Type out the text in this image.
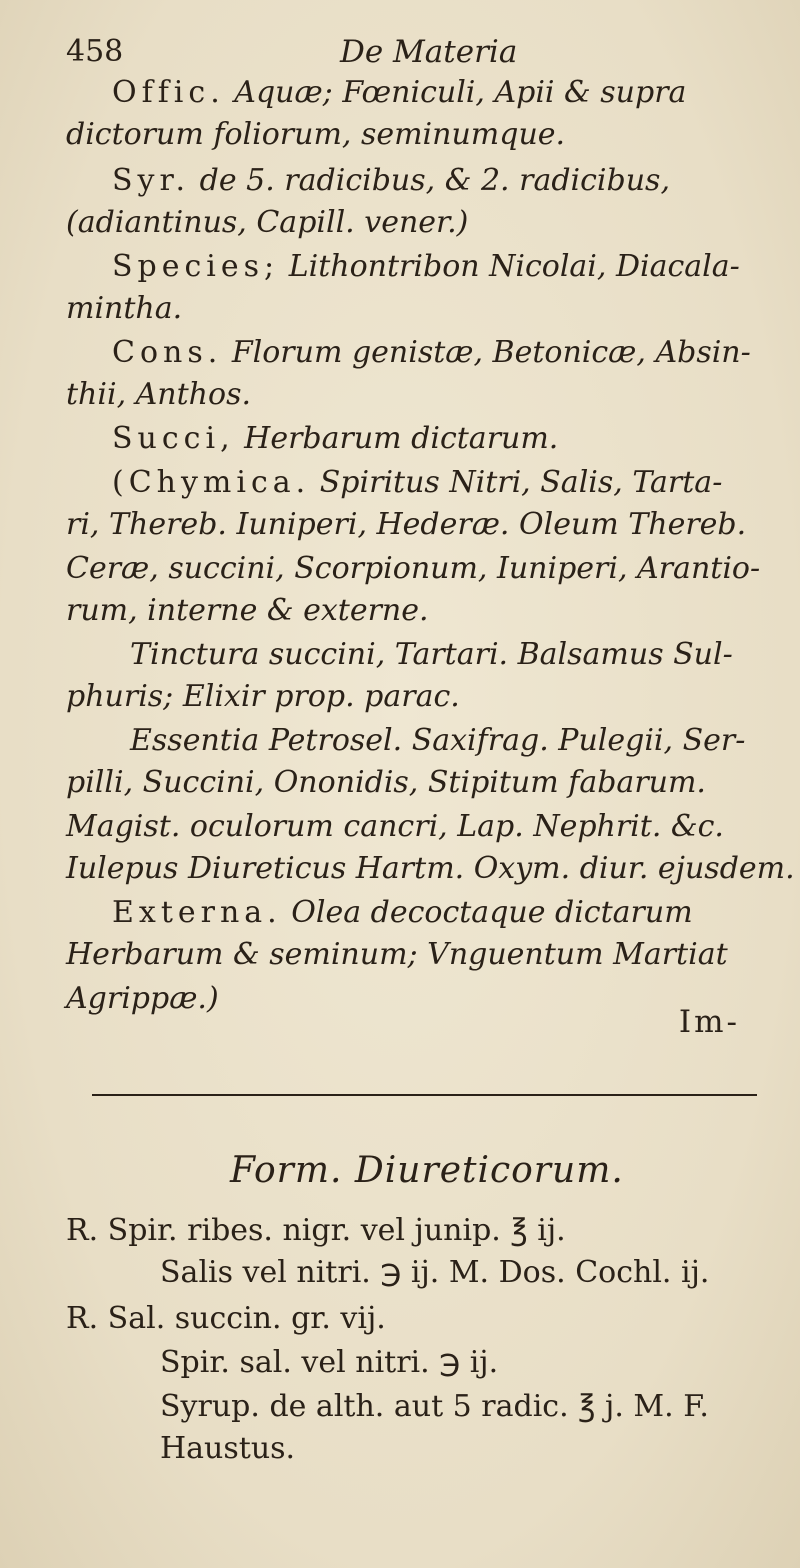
458	De Materia
Offic. Aquæ; Fœniculi, Apii & supra
dictorum foliorum, seminumque.
Syr. de 5. radicibus, & 2. radicibus,
(adiantinus, Capill. vener.)
Species; Lithontribon Nicolai, Diacala-
mintha.
Cons. Florum genistæ, Betonicæ, Absin-
thii, Anthos.
Succi, Herbarum dictarum.
(Chymica. Spiritus Nitri, Salis, Tarta-
ri, Thereb. Iuniperi, Hederæ. Oleum Thereb.
Ceræ, succini, Scorpionum, Iuniperi, Arantio-
rum, interne & externe.
Tinctura succini, Tartari. Balsamus Sul-
phuris; Elixir prop. parac.
Essentia Petrosel. Saxifrag. Pulegii, Ser-
pilli, Succini, Ononidis, Stipitum fabarum.
Magist. oculorum cancri, Lap. Nephrit. &c.
Iulepus Diureticus Hartm. Oxym. diur. ejusdem.
Externa. Olea decoctaque dictarum
Herbarum & seminum; Vnguentum Martiat
Agrippæ.)
Im-
Form. Diureticorum.
R. Spir. ribes. nigr. vel junip. ℥ ij.
Salis vel nitri. ℈ ij. M. Dos. Cochl. ij.
R. Sal. succin. gr. vij.
Spir. sal. vel nitri. ℈ ij.
Syrup. de alth. aut 5 radic. ℥ j. M. F.
Haustus.
